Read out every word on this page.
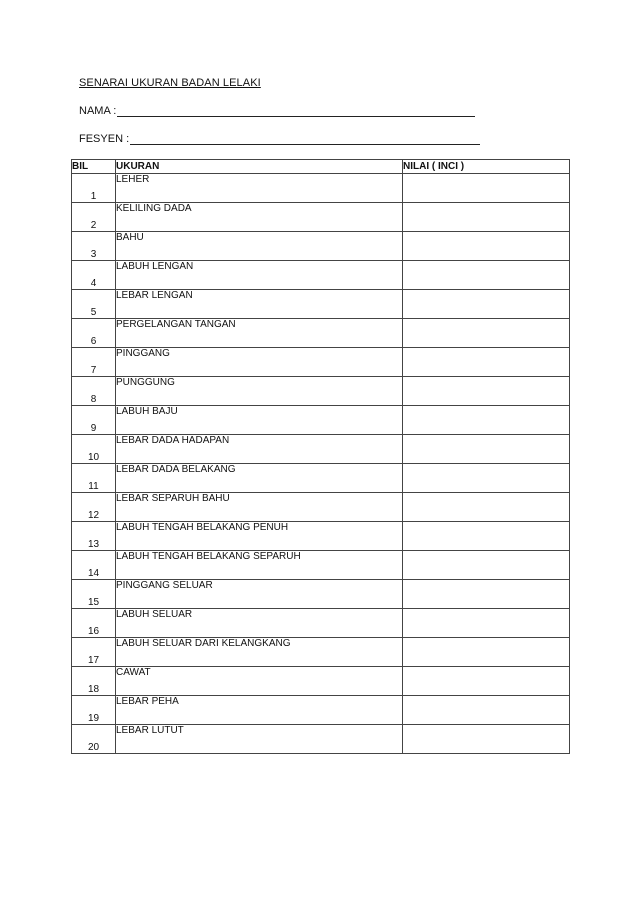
SENARAI UKURAN BADAN LELAKI
NAMA :
FESYEN :
BIL	UKURAN	NILAI ( INCI )
1	LEHER	
2	KELILING DADA	
3	BAHU	
4	LABUH LENGAN	
5	LEBAR LENGAN	
6	PERGELANGAN TANGAN	
7	PINGGANG	
8	PUNGGUNG	
9	LABUH BAJU	
10	LEBAR DADA HADAPAN	
11	LEBAR DADA BELAKANG	
12	LEBAR SEPARUH BAHU	
13	LABUH TENGAH BELAKANG PENUH	
14	LABUH TENGAH BELAKANG SEPARUH	
15	PINGGANG SELUAR	
16	LABUH SELUAR	
17	LABUH SELUAR DARI KELANGKANG	
18	CAWAT	
19	LEBAR PEHA	
20	LEBAR LUTUT	
